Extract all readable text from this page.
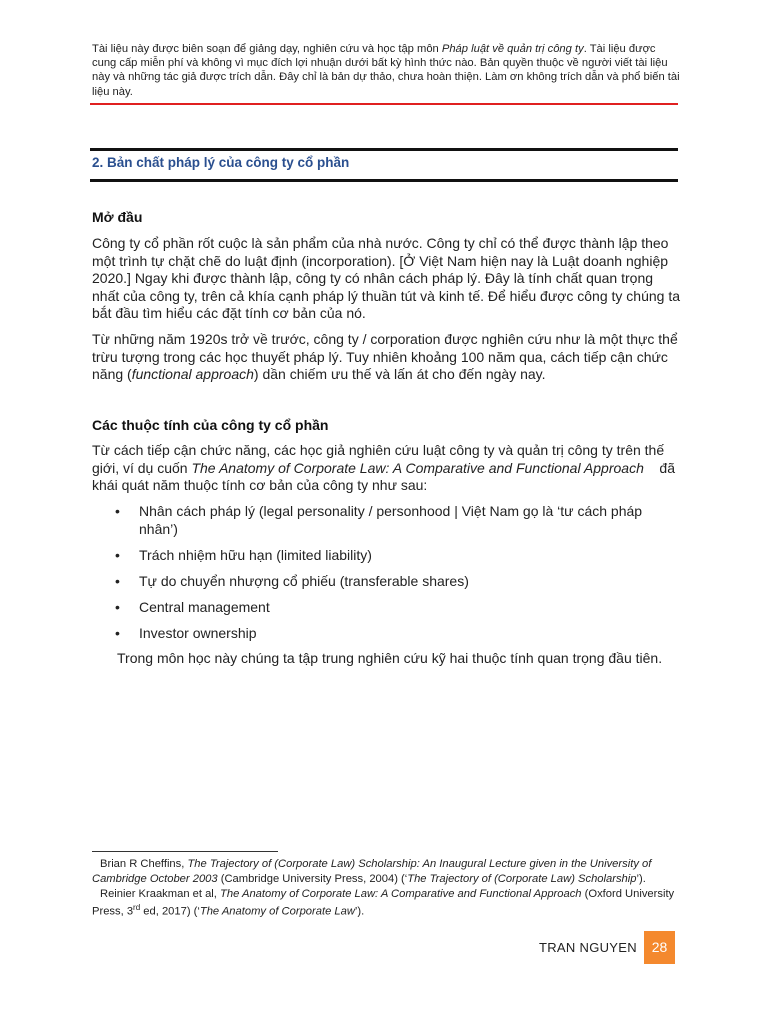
Tài liệu này được biên soạn để giảng dạy, nghiên cứu và học tập môn Pháp luật về quản trị công ty. Tài liệu được cung cấp miễn phí và không vì mục đích lợi nhuận dưới bất kỳ hình thức nào. Bản quyền thuộc về người viết tài liệu này và những tác giả được trích dẫn. Đây chỉ là bản dự thảo, chưa hoàn thiện. Làm ơn không trích dẫn và phổ biến tài liệu này.
2. Bản chất pháp lý của công ty cổ phần
Mở đầu
Công ty cổ phần rốt cuộc là sản phẩm của nhà nước. Công ty chỉ có thể được thành lập theo một trình tự chặt chẽ do luật định (incorporation). [Ở Việt Nam hiện nay là Luật doanh nghiệp 2020.] Ngay khi được thành lập, công ty có nhân cách pháp lý. Đây là tính chất quan trọng nhất của công ty, trên cả khía cạnh pháp lý thuần tút và kinh tế. Để hiểu được công ty chúng ta bắt đầu tìm hiểu các đặt tính cơ bản của nó.
Từ những năm 1920s trở về trước, công ty / corporation được nghiên cứu như là một thực thể trừu tượng trong các học thuyết pháp lý. Tuy nhiên khoảng 100 năm qua, cách tiếp cận chức năng (functional approach) dần chiếm ưu thế và lấn át cho đến ngày nay.
Các thuộc tính của công ty cổ phần
Từ cách tiếp cận chức năng, các học giả nghiên cứu luật công ty và quản trị công ty trên thế giới, ví dụ cuốn The Anatomy of Corporate Law: A Comparative and Functional Approach    đã khái quát năm thuộc tính cơ bản của công ty như sau:
• Nhân cách pháp lý (legal personality / personhood | Việt Nam gọ là ‘tư cách pháp nhân’)
• Trách nhiệm hữu hạn (limited liability)
• Tự do chuyển nhượng cổ phiếu (transferable shares)
• Central management
• Investor ownership
Trong môn học này chúng ta tập trung nghiên cứu kỹ hai thuộc tính quan trọng đầu tiên.

Brian R Cheffins, The Trajectory of (Corporate Law) Scholarship: An Inaugural Lecture given in the University of Cambridge October 2003 (Cambridge University Press, 2004) (‘The Trajectory of (Corporate Law) Scholarship’).

Reinier Kraakman et al, The Anatomy of Corporate Law: A Comparative and Functional Approach (Oxford University Press, 3rd ed, 2017) (‘The Anatomy of Corporate Law’).

TRAN NGUYEN	28
